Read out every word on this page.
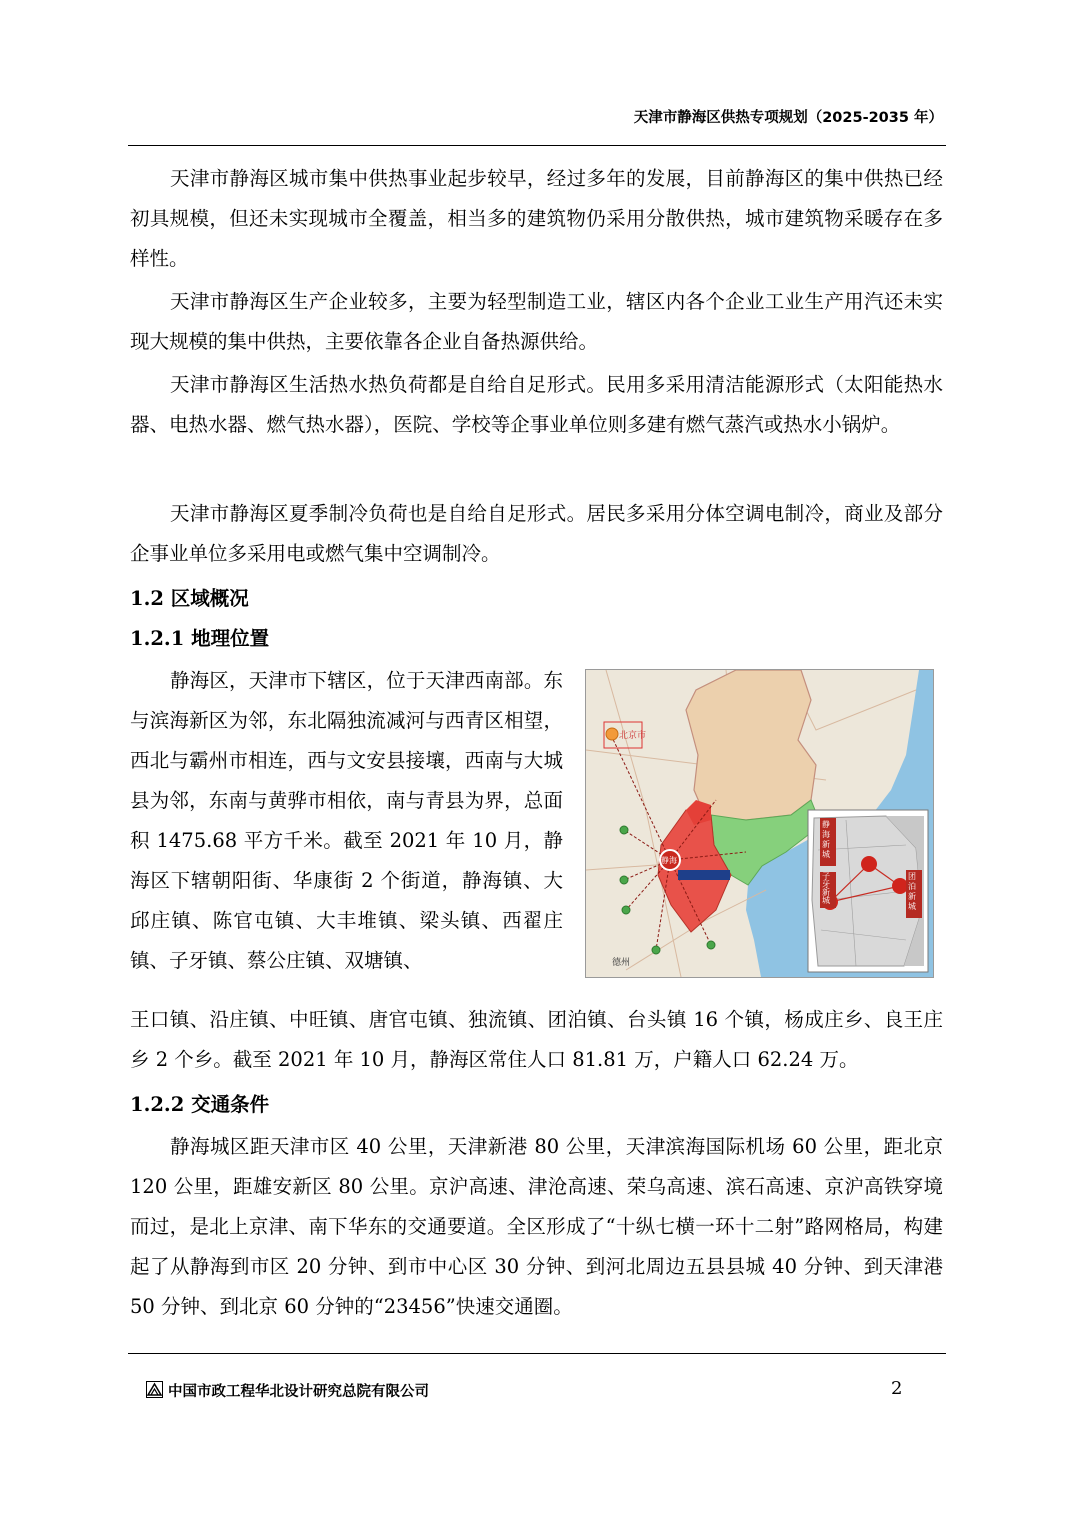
天津市静海区供热专项规划（2025-2035 年）

天津市静海区城市集中供热事业起步较早，经过多年的发展，目前静海区的集中供热已经初具规模，但还未实现城市全覆盖，相当多的建筑物仍采用分散供热，城市建筑物采暖存在多样性。

天津市静海区生产企业较多，主要为轻型制造工业，辖区内各个企业工业生产用汽还未实现大规模的集中供热，主要依靠各企业自备热源供给。

天津市静海区生活热水热负荷都是自给自足形式。民用多采用清洁能源形式（太阳能热水器、电热水器、燃气热水器），医院、学校等企事业单位则多建有燃气蒸汽或热水小锅炉。

天津市静海区夏季制冷负荷也是自给自足形式。居民多采用分体空调电制冷，商业及部分企事业单位多采用电或燃气集中空调制冷。

1.2 区域概况
1.2.1 地理位置

静海区，天津市下辖区，位于天津西南部。东与滨海新区为邻，东北隔独流减河与西青区相望，西北与霸州市相连，西与文安县接壤，西南与大城县为邻，东南与黄骅市相依，南与青县为界，总面积 1475.68 平方千米。截至 2021 年 10 月，静海区下辖朝阳街、华康街 2 个街道，静海镇、大邱庄镇、陈官屯镇、大丰堆镇、梁头镇、西翟庄镇、子牙镇、蔡公庄镇、双塘镇、

北京市
静海
德州
静海新城
子牙新城
团泊新城

王口镇、沿庄镇、中旺镇、唐官屯镇、独流镇、团泊镇、台头镇 16 个镇，杨成庄乡、良王庄乡 2 个乡。截至 2021 年 10 月，静海区常住人口 81.81 万，户籍人口 62.24 万。

1.2.2 交通条件

静海城区距天津市区 40 公里，天津新港 80 公里，天津滨海国际机场 60 公里，距北京 120 公里，距雄安新区 80 公里。京沪高速、津沧高速、荣乌高速、滨石高速、京沪高铁穿境而过，是北上京津、南下华东的交通要道。全区形成了“十纵七横一环十二射”路网格局，构建起了从静海到市区 20 分钟、到市中心区 30 分钟、到河北周边五县县城 40 分钟、到天津港 50 分钟、到北京 60 分钟的“23456”快速交通圈。

中国市政工程华北设计研究总院有限公司	2
